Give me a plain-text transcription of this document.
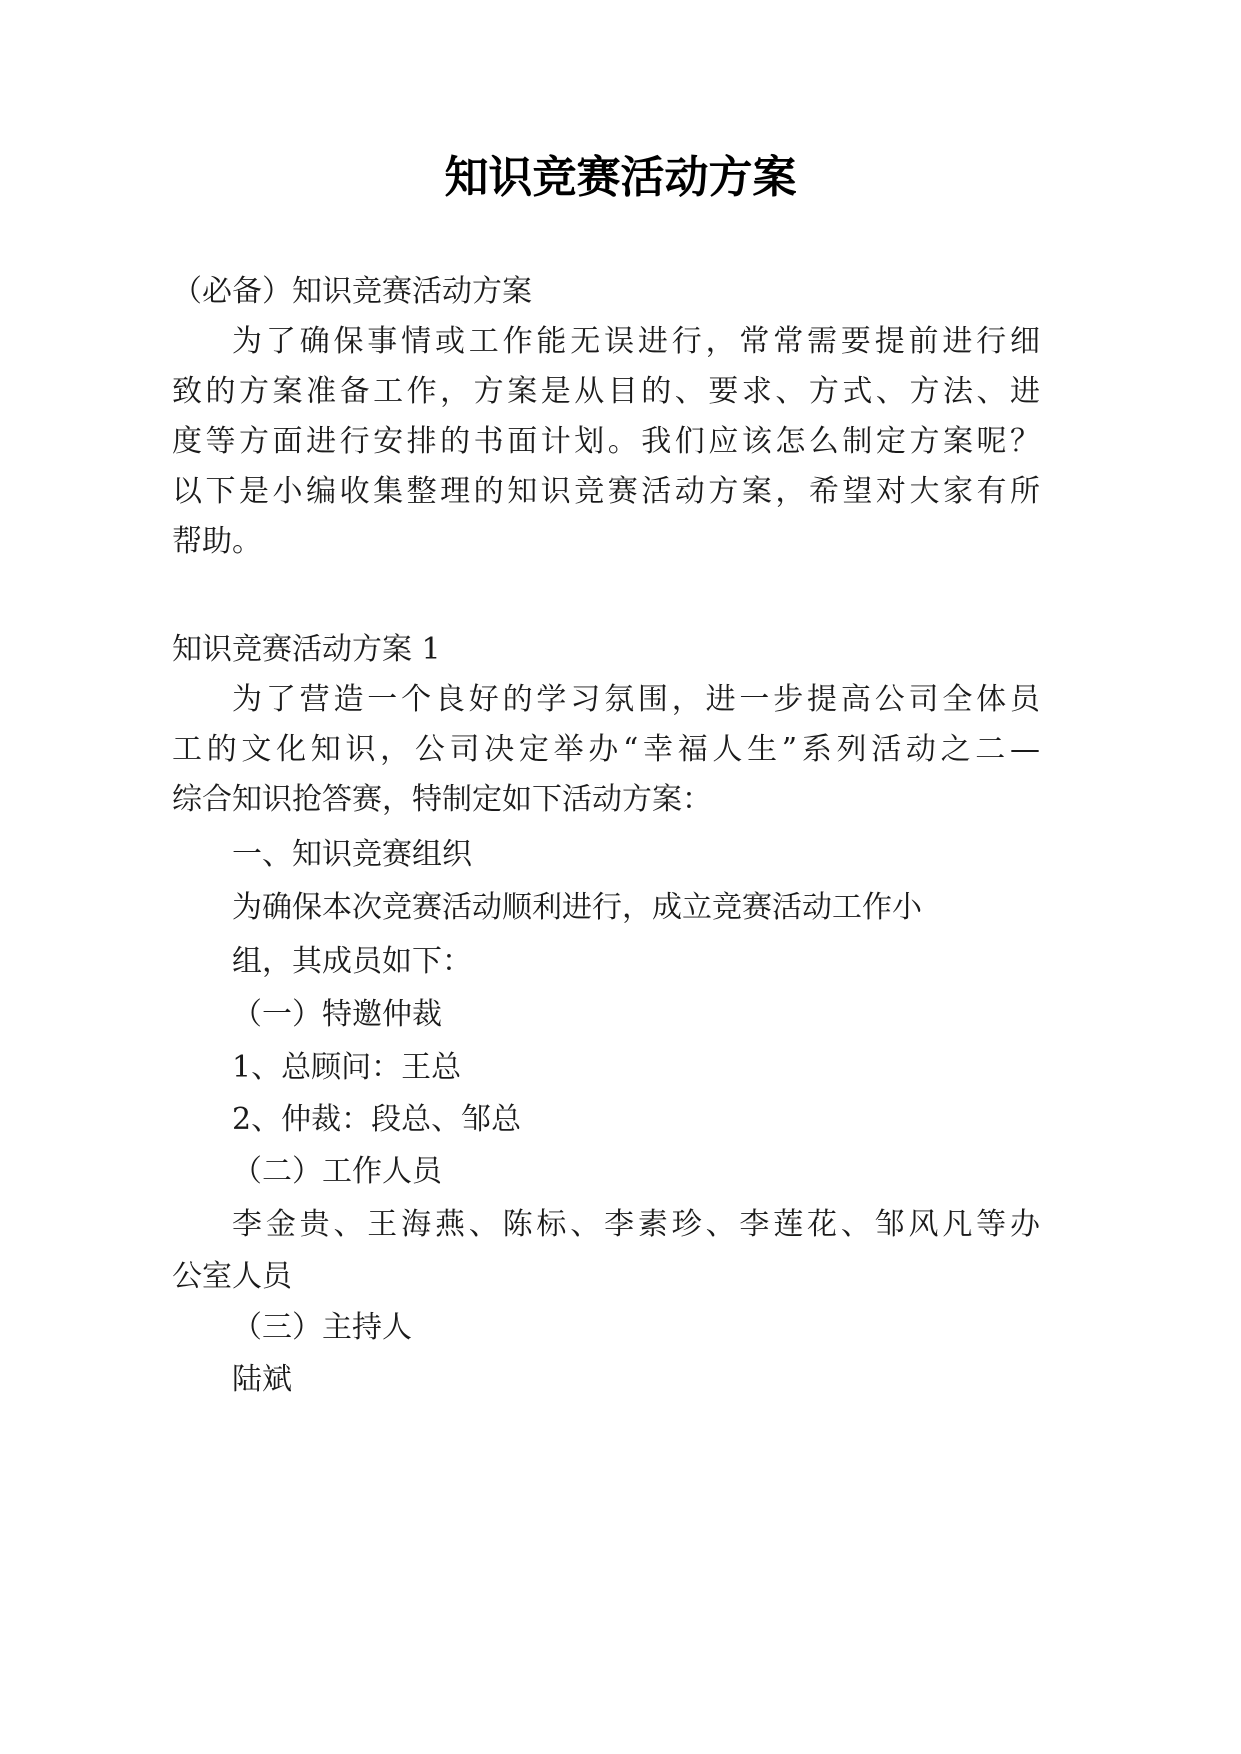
知识竞赛活动方案
（必备）知识竞赛活动方案
为了确保事情或工作能无误进行，常常需要提前进行细
致的方案准备工作，方案是从目的、要求、方式、方法、进
度等方面进行安排的书面计划。我们应该怎么制定方案呢？
以下是小编收集整理的知识竞赛活动方案，希望对大家有所
帮助。
知识竞赛活动方案 1
为了营造一个良好的学习氛围，进一步提高公司全体员
工的文化知识，公司决定举办“幸福人生”系列活动之二—
综合知识抢答赛，特制定如下活动方案：
一、知识竞赛组织
为确保本次竞赛活动顺利进行，成立竞赛活动工作小
组，其成员如下：
（一）特邀仲裁
1、总顾问：王总
2、仲裁：段总、邹总
（二）工作人员
李金贵、王海燕、陈标、李素珍、李莲花、邹风凡等办
公室人员
（三）主持人
陆斌
